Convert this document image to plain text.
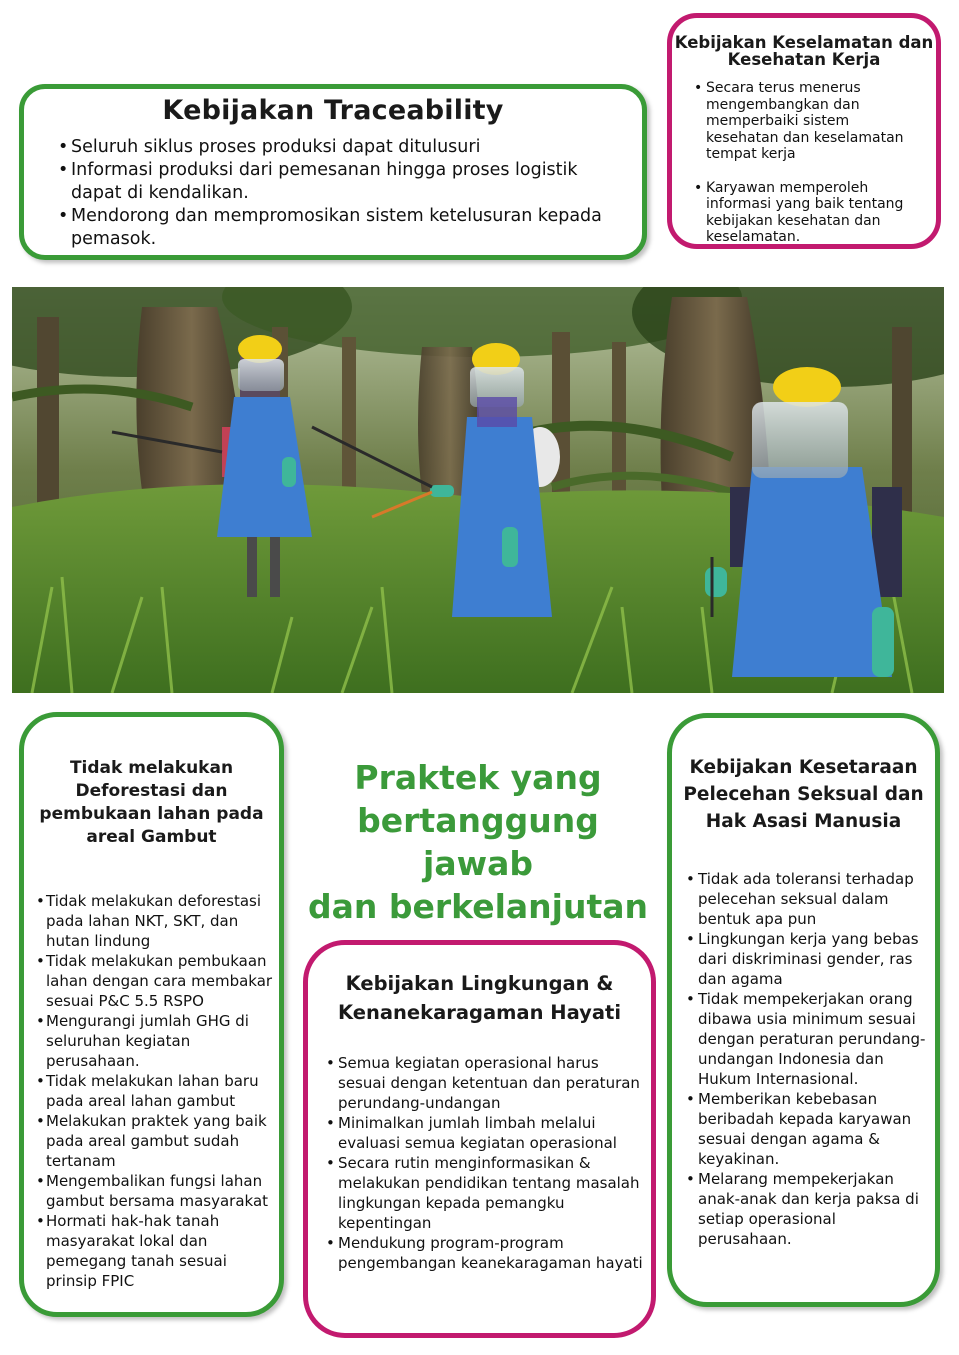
Kebijakan Traceability
• Seluruh siklus proses produksi dapat ditulusuri
• Informasi produksi dari pemesanan hingga proses logistik dapat di kendalikan.
• Mendorong dan mempromosikan sistem ketelusuran kepada pemasok.
Kebijakan Keselamatan dan Kesehatan Kerja
• Secara terus menerus mengembangkan dan memperbaiki sistem kesehatan dan keselamatan tempat kerja
• Karyawan memperoleh informasi yang baik tentang kebijakan kesehatan dan keselamatan.
Tidak melakukan Deforestasi dan pembukaan lahan pada areal Gambut
• Tidak melakukan deforestasi pada lahan NKT, SKT, dan hutan lindung
• Tidak melakukan pembukaan lahan dengan cara membakar sesuai P&C 5.5 RSPO
• Mengurangi jumlah GHG di seluruhan kegiatan perusahaan.
• Tidak melakukan lahan baru pada areal lahan gambut
• Melakukan praktek yang baik pada areal gambut sudah tertanam
• Mengembalikan fungsi lahan gambut bersama masyarakat
• Hormati hak-hak tanah masyarakat lokal dan pemegang tanah sesuai prinsip FPIC
Praktek yang
bertanggung jawab
dan berkelanjutan
Kebijakan Lingkungan &
Kenanekaragaman Hayati
• Semua kegiatan operasional harus sesuai dengan ketentuan dan peraturan perundang-undangan
• Minimalkan jumlah limbah melalui evaluasi semua kegiatan operasional
• Secara rutin menginformasikan & melakukan pendidikan tentang masalah lingkungan kepada pemangku kepentingan
• Mendukung program-program pengembangan keanekaragaman hayati
Kebijakan Kesetaraan
Pelecehan Seksual dan
Hak Asasi Manusia
• Tidak ada toleransi terhadap pelecehan seksual dalam bentuk apa pun
• Lingkungan kerja yang bebas dari diskriminasi gender, ras dan agama
• Tidak mempekerjakan orang dibawa usia minimum sesuai dengan peraturan perundang-undangan Indonesia dan Hukum Internasional.
• Memberikan kebebasan beribadah kepada karyawan sesuai dengan agama & keyakinan.
• Melarang mempekerjakan anak-anak dan kerja paksa di setiap operasional perusahaan.
